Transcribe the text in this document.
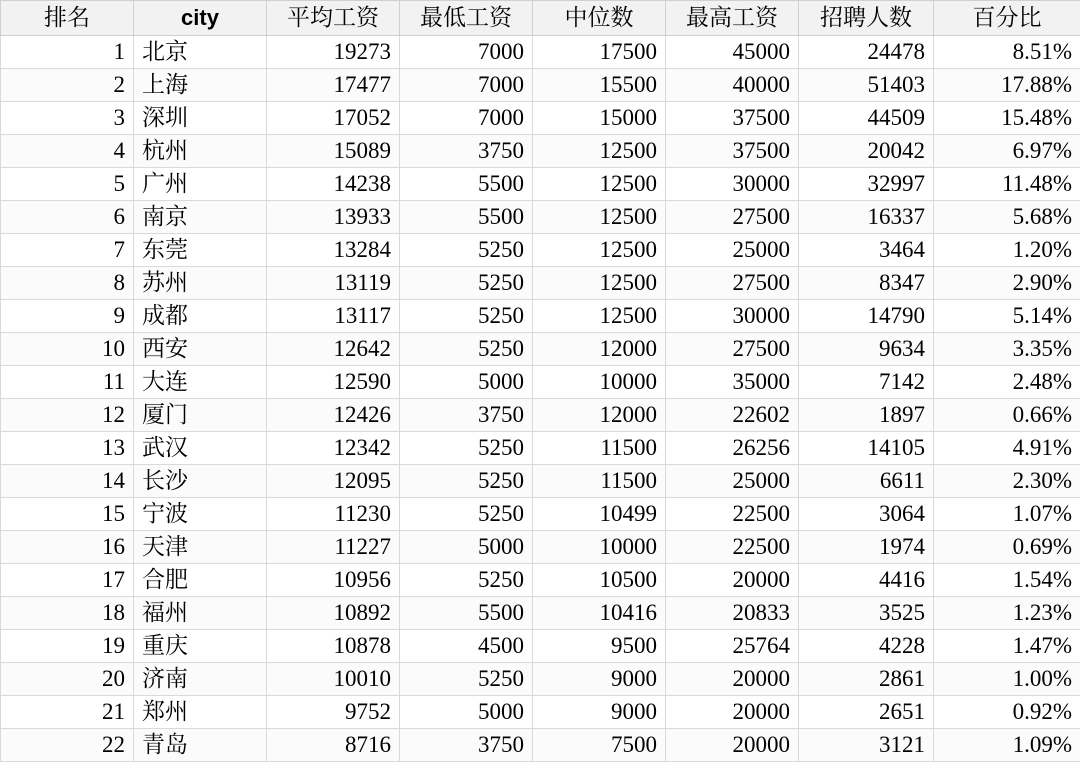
排名	city	平均工资	最低工资	中位数	最高工资	招聘人数	百分比
1	北京	19273	7000	17500	45000	24478	8.51%
2	上海	17477	7000	15500	40000	51403	17.88%
3	深圳	17052	7000	15000	37500	44509	15.48%
4	杭州	15089	3750	12500	37500	20042	6.97%
5	广州	14238	5500	12500	30000	32997	11.48%
6	南京	13933	5500	12500	27500	16337	5.68%
7	东莞	13284	5250	12500	25000	3464	1.20%
8	苏州	13119	5250	12500	27500	8347	2.90%
9	成都	13117	5250	12500	30000	14790	5.14%
10	西安	12642	5250	12000	27500	9634	3.35%
11	大连	12590	5000	10000	35000	7142	2.48%
12	厦门	12426	3750	12000	22602	1897	0.66%
13	武汉	12342	5250	11500	26256	14105	4.91%
14	长沙	12095	5250	11500	25000	6611	2.30%
15	宁波	11230	5250	10499	22500	3064	1.07%
16	天津	11227	5000	10000	22500	1974	0.69%
17	合肥	10956	5250	10500	20000	4416	1.54%
18	福州	10892	5500	10416	20833	3525	1.23%
19	重庆	10878	4500	9500	25764	4228	1.47%
20	济南	10010	5250	9000	20000	2861	1.00%
21	郑州	9752	5000	9000	20000	2651	0.92%
22	青岛	8716	3750	7500	20000	3121	1.09%
